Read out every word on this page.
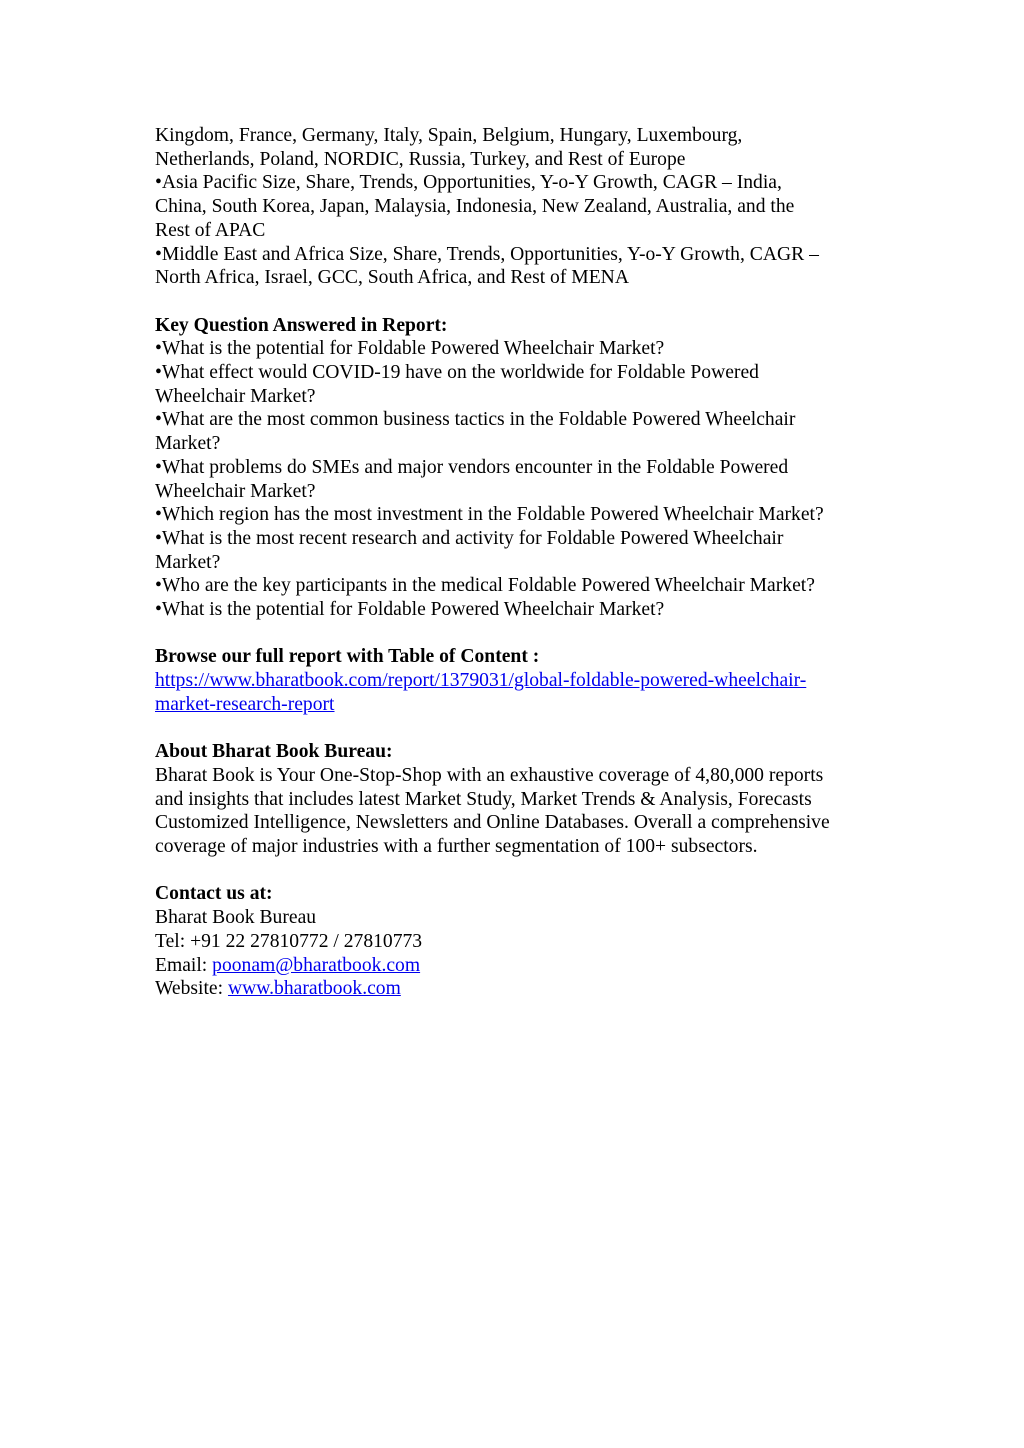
Kingdom, France, Germany, Italy, Spain, Belgium, Hungary, Luxembourg,
Netherlands, Poland, NORDIC, Russia, Turkey, and Rest of Europe
•Asia Pacific Size, Share, Trends, Opportunities, Y-o-Y Growth, CAGR – India,
China, South Korea, Japan, Malaysia, Indonesia, New Zealand, Australia, and the
Rest of APAC
•Middle East and Africa Size, Share, Trends, Opportunities, Y-o-Y Growth, CAGR –
North Africa, Israel, GCC, South Africa, and Rest of MENA
Key Question Answered in Report:
•What is the potential for Foldable Powered Wheelchair Market?
•What effect would COVID-19 have on the worldwide for Foldable Powered
Wheelchair Market?
•What are the most common business tactics in the Foldable Powered Wheelchair
Market?
•What problems do SMEs and major vendors encounter in the Foldable Powered
Wheelchair Market?
•Which region has the most investment in the Foldable Powered Wheelchair Market?
•What is the most recent research and activity for Foldable Powered Wheelchair
Market?
•Who are the key participants in the medical Foldable Powered Wheelchair Market?
•What is the potential for Foldable Powered Wheelchair Market?
Browse our full report with Table of Content :
https://www.bharatbook.com/report/1379031/global-foldable-powered-wheelchair-
market-research-report
About Bharat Book Bureau:
Bharat Book is Your One-Stop-Shop with an exhaustive coverage of 4,80,000 reports
and insights that includes latest Market Study, Market Trends & Analysis, Forecasts
Customized Intelligence, Newsletters and Online Databases. Overall a comprehensive
coverage of major industries with a further segmentation of 100+ subsectors.
Contact us at:
Bharat Book Bureau
Tel: +91 22 27810772 / 27810773
Email: poonam@bharatbook.com
Website: www.bharatbook.com
